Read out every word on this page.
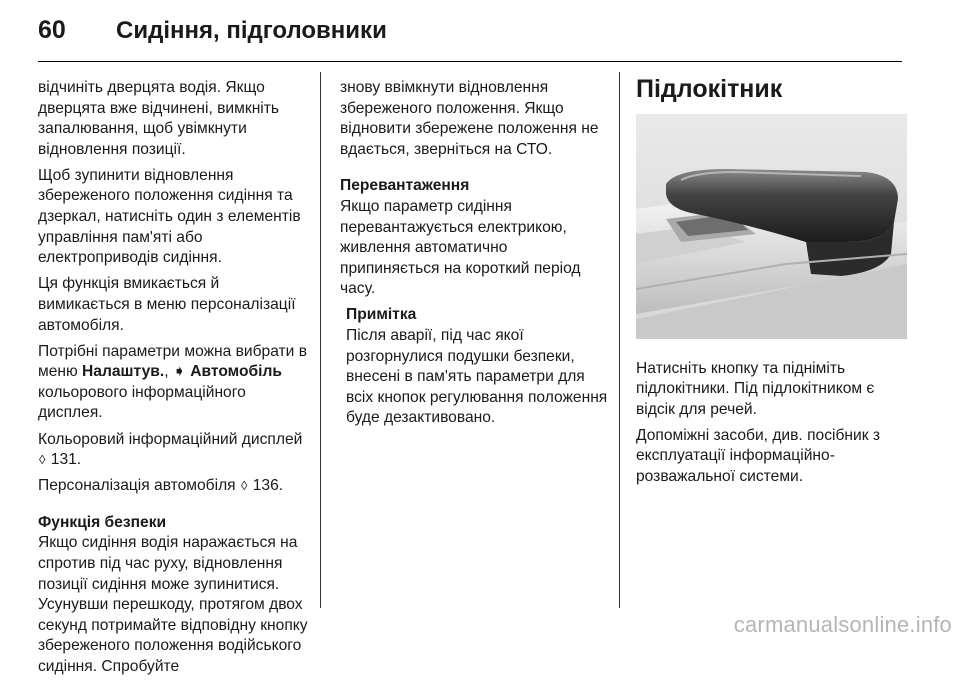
60	Сидіння, підголовники

відчиніть дверцята водія. Якщо дверцята вже відчинені, вимкніть запалювання, щоб увімкнути відновлення позиції.

Щоб зупинити відновлення збереженого положення сидіння та дзеркал, натисніть один з елементів управління пам'яті або електроприводів сидіння.

Ця функція вмикається й вимикається в меню персоналізації автомобіля.

Потрібні параметри можна вибрати в меню Налаштув., ➧ Автомобіль кольорового інформаційного дисплея.

Кольоровий інформаційний дисплей ◊ 131.

Персоналізація автомобіля ◊ 136.

Функція безпеки

Якщо сидіння водія наражається на спротив під час руху, відновлення позиції сидіння може зупинитися. Усунувши перешкоду, протягом двох секунд потримайте відповідну кнопку збереженого положення водійського сидіння. Спробуйте

знову ввімкнути відновлення збереженого положення. Якщо відновити збережене положення не вдається, зверніться на СТО.

Перевантаження

Якщо параметр сидіння перевантажується електрикою, живлення автоматично припиняється на короткий період часу.

Примітка
Після аварії, під час якої розгорнулися подушки безпеки, внесені в пам'ять параметри для всіх кнопок регулювання положення буде дезактивовано.
Підлокітник

Натисніть кнопку та підніміть підлокітники. Під підлокітником є відсік для речей.

Допоміжні засоби, див. посібник з експлуатації інформаційно-розважальної системи.

carmanualsonline.info
